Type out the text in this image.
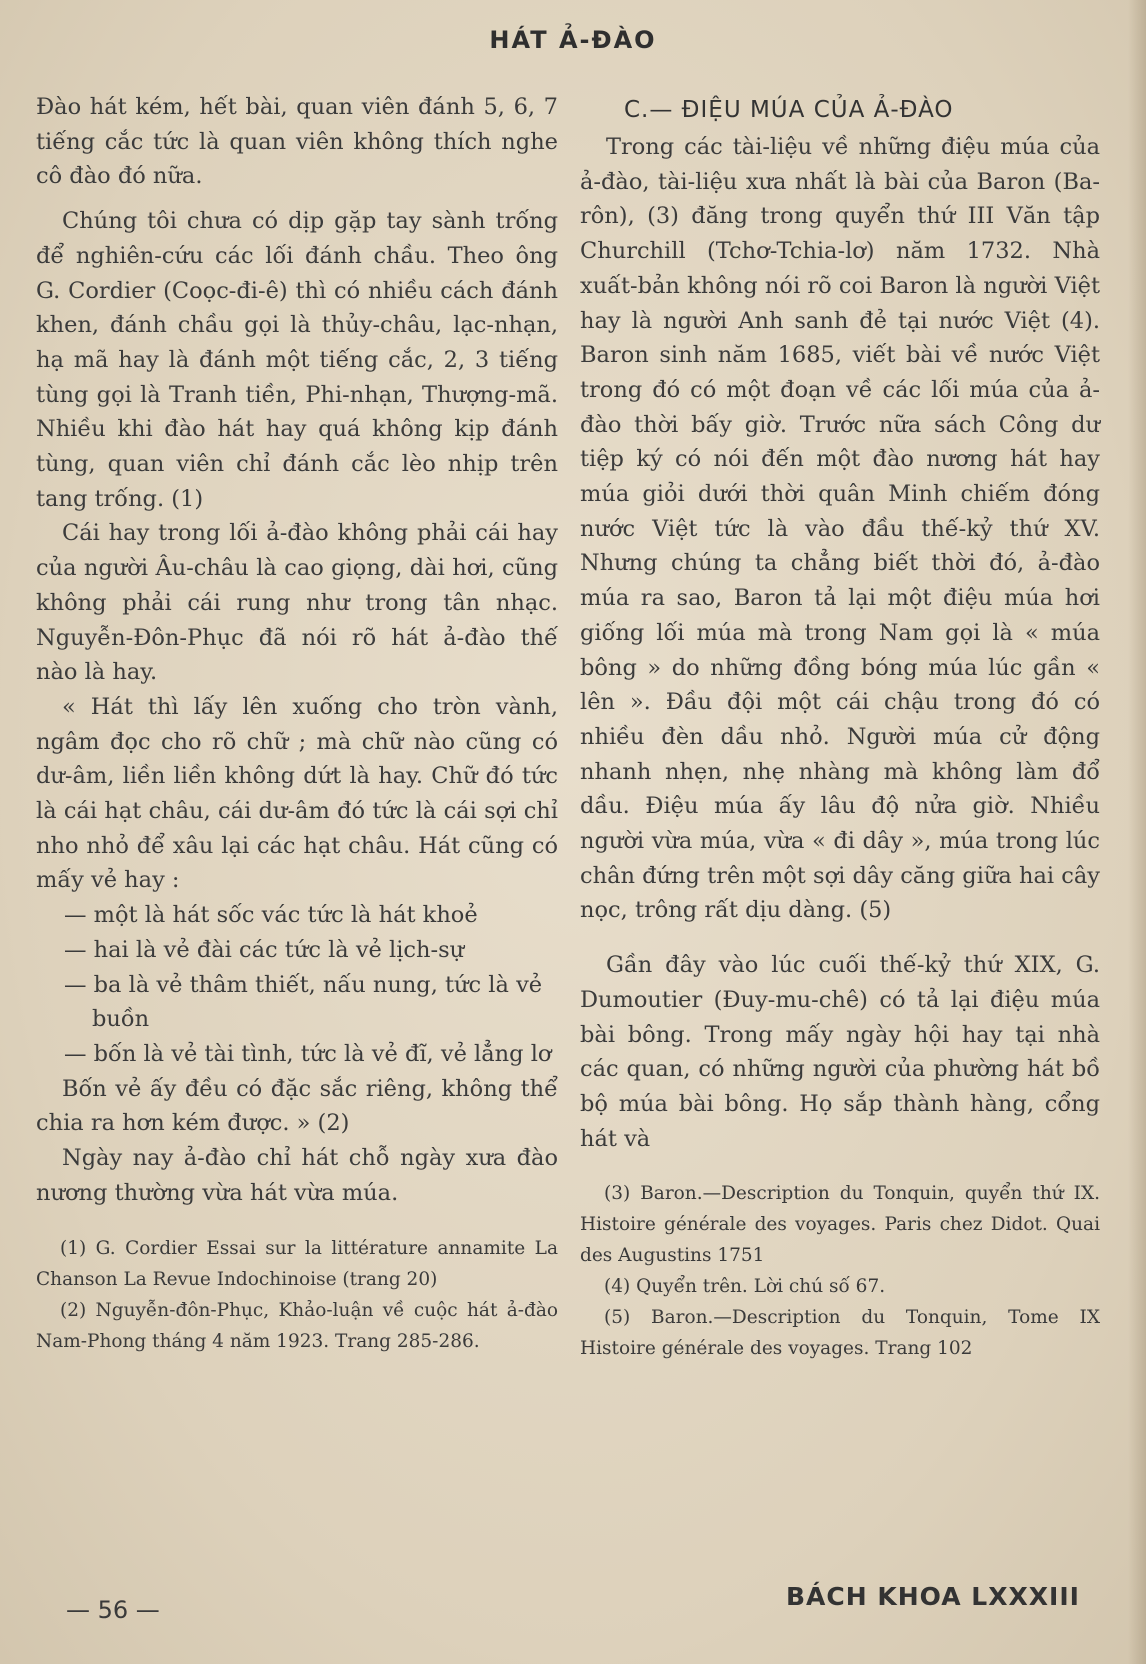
HÁT Ả-ĐÀO

Đào hát kém, hết bài, quan viên đánh 5, 6, 7 tiếng cắc tức là quan viên không thích nghe cô đào đó nữa.

Chúng tôi chưa có dịp gặp tay sành trống để nghiên-cứu các lối đánh chầu. Theo ông G. Cordier (Coọc-đi-ê) thì có nhiều cách đánh khen, đánh chầu gọi là thủy-châu, lạc-nhạn, hạ mã hay là đánh một tiếng cắc, 2, 3 tiếng tùng gọi là Tranh tiền, Phi-nhạn, Thượng-mã. Nhiều khi đào hát hay quá không kịp đánh tùng, quan viên chỉ đánh cắc lèo nhịp trên tang trống. (1)

Cái hay trong lối ả-đào không phải cái hay của người Âu-châu là cao giọng, dài hơi, cũng không phải cái rung như trong tân nhạc. Nguyễn-Đôn-Phục đã nói rõ hát ả-đào thế nào là hay.

« Hát thì lấy lên xuống cho tròn vành, ngâm đọc cho rõ chữ ; mà chữ nào cũng có dư-âm, liền liền không dứt là hay. Chữ đó tức là cái hạt châu, cái dư-âm đó tức là cái sợi chỉ nho nhỏ để xâu lại các hạt châu. Hát cũng có mấy vẻ hay :

— một là hát sốc vác tức là hát khoẻ

— hai là vẻ đài các tức là vẻ lịch-sự

— ba là vẻ thâm thiết, nấu nung, tức là vẻ buồn

— bốn là vẻ tài tình, tức là vẻ đĩ, vẻ lẳng lơ

Bốn vẻ ấy đều có đặc sắc riêng, không thể chia ra hơn kém được. » (2)

Ngày nay ả-đào chỉ hát chỗ ngày xưa đào nương thường vừa hát vừa múa.

(1) G. Cordier Essai sur la littérature annamite La Chanson La Revue Indochinoise (trang 20)

(2) Nguyễn-đôn-Phục, Khảo-luận về cuộc hát ả-đào Nam-Phong tháng 4 năm 1923. Trang 285-286.

C.— ĐIỆU MÚA CỦA Ả-ĐÀO

Trong các tài-liệu về những điệu múa của ả-đào, tài-liệu xưa nhất là bài của Baron (Ba-rôn), (3) đăng trong quyển thứ III Văn tập Churchill (Tchơ-Tchia-lơ) năm 1732. Nhà xuất-bản không nói rõ coi Baron là người Việt hay là người Anh sanh đẻ tại nước Việt (4). Baron sinh năm 1685, viết bài về nước Việt trong đó có một đoạn về các lối múa của ả-đào thời bấy giờ. Trước nữa sách Công dư tiệp ký có nói đến một đào nương hát hay múa giỏi dưới thời quân Minh chiếm đóng nước Việt tức là vào đầu thế-kỷ thứ XV. Nhưng chúng ta chẳng biết thời đó, ả-đào múa ra sao, Baron tả lại một điệu múa hơi giống lối múa mà trong Nam gọi là « múa bông » do những đồng bóng múa lúc gần « lên ». Đầu đội một cái chậu trong đó có nhiều đèn dầu nhỏ. Người múa cử động nhanh nhẹn, nhẹ nhàng mà không làm đổ dầu. Điệu múa ấy lâu độ nửa giờ. Nhiều người vừa múa, vừa « đi dây », múa trong lúc chân đứng trên một sợi dây căng giữa hai cây nọc, trông rất dịu dàng. (5)

Gần đây vào lúc cuối thế-kỷ thứ XIX, G. Dumoutier (Đuy-mu-chê) có tả lại điệu múa bài bông. Trong mấy ngày hội hay tại nhà các quan, có những người của phường hát bồ bộ múa bài bông. Họ sắp thành hàng, cổng hát và

(3) Baron.—Description du Tonquin, quyển thứ IX. Histoire générale des voyages. Paris chez Didot. Quai des Augustins 1751

(4) Quyển trên. Lời chú số 67.

(5) Baron.—Description du Tonquin, Tome IX Histoire générale des voyages. Trang 102

— 56 —	BÁCH KHOA LXXXIII
